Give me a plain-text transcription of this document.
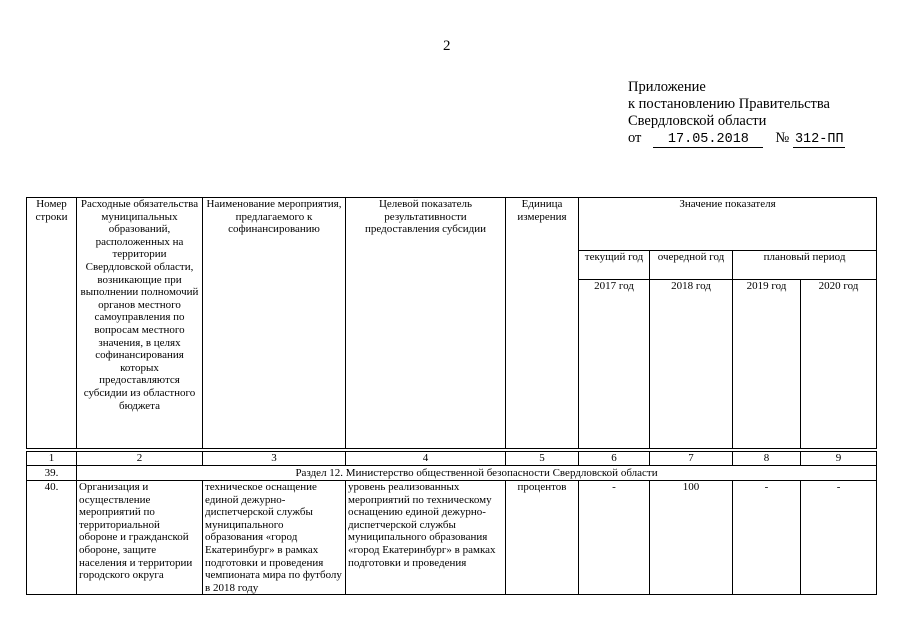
2
Приложение
к постановлению Правительства
Свердловской области
от 17.05.2018 № 312-ПП
Номер строки	Расходные обязательства муниципальных образований, расположенных на территории Свердловской области, возникающие при выполнении полномочий органов местного самоуправления по вопросам местного значения, в целях софинансирования которых предоставляются субсидии из областного бюджета	Наименование мероприятия, предлагаемого к софинансированию	Целевой показатель результативности предоставления субсидии	Единица измерения	Значение показателя			
					текущий год	очередной год	плановый период	
					2017 год	2018 год	2019 год	2020 год

1	2	3	4	5	6	7	8	9
39.	Раздел 12. Министерство общественной безопасности Свердловской области							
40.	Организация и осуществление мероприятий по территориальной обороне и гражданской обороне, защите населения и территории городского округа	техническое оснащение единой дежурно-диспетчерской службы муниципального образования «город Екатеринбург» в рамках подготовки и проведения чемпионата мира по футболу в 2018 году	уровень реализованных мероприятий по техническому оснащению единой дежурно-диспетчерской службы муниципального образования «город Екатеринбург» в рамках подготовки и проведения	процентов	-	100	-	-
